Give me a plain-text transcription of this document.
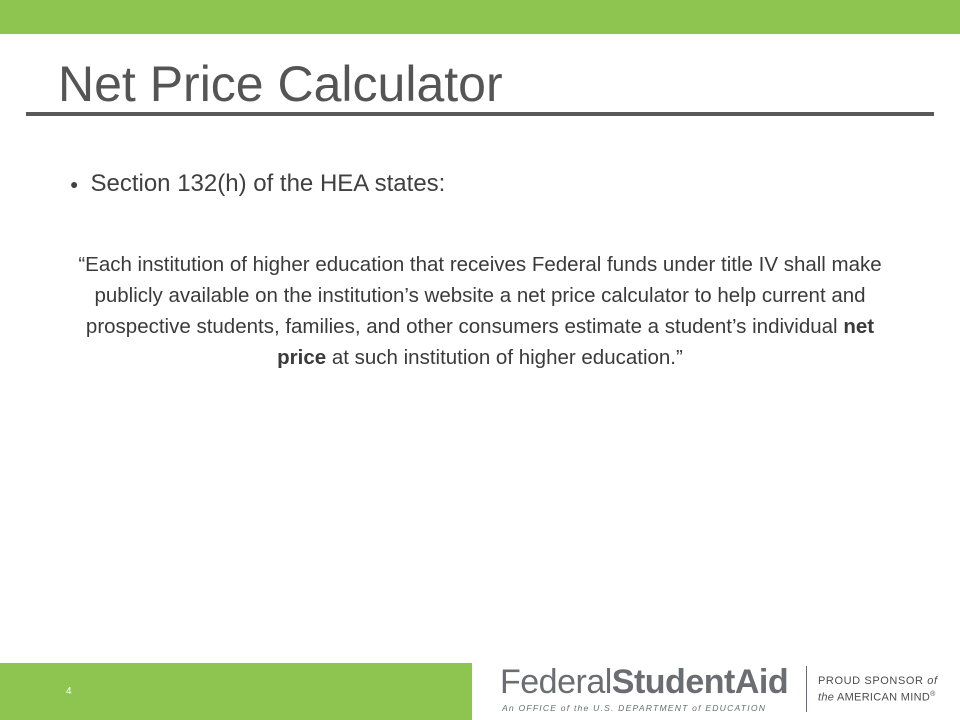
Net Price Calculator
● Section 132(h) of the HEA states:

“Each institution of higher education that receives Federal funds under title IV shall make publicly available on the institution’s website a net price calculator to help current and prospective students, families, and other consumers estimate a student’s individual net price at such institution of higher education.”

4	FederalStudentAid
An OFFICE of the U.S. DEPARTMENT of EDUCATION
PROUD SPONSOR of
the AMERICAN MIND®
